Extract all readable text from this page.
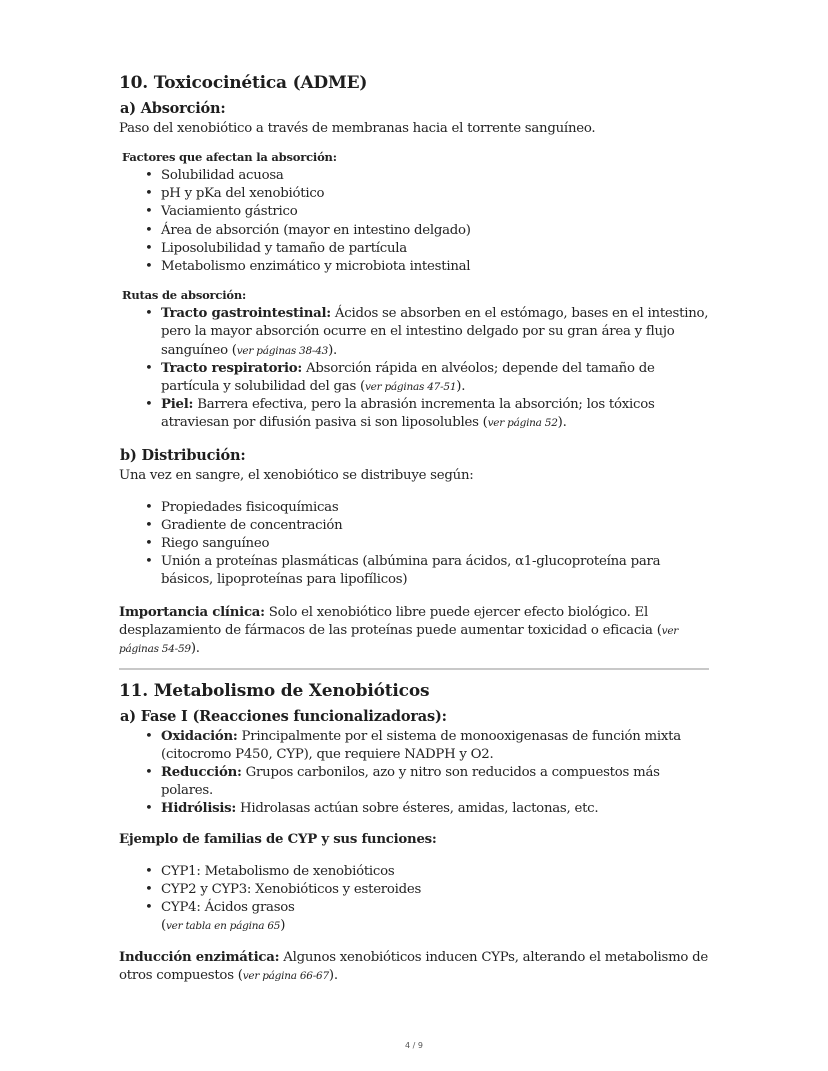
10. Toxicocinética (ADME)
a) Absorción:

Paso del xenobiótico a través de membranas hacia el torrente sanguíneo.

Factores que afectan la absorción:
• Solubilidad acuosa
• pH y pKa del xenobiótico
• Vaciamiento gástrico
• Área de absorción (mayor en intestino delgado)
• Liposolubilidad y tamaño de partícula
• Metabolismo enzimático y microbiota intestinal
Rutas de absorción:
• Tracto gastrointestinal: Ácidos se absorben en el estómago, bases en el intestino, pero la mayor absorción ocurre en el intestino delgado por su gran área y flujo sanguíneo (ver páginas 38-43).
• Tracto respiratorio: Absorción rápida en alvéolos; depende del tamaño de partícula y solubilidad del gas (ver páginas 47-51).
• Piel: Barrera efectiva, pero la abrasión incrementa la absorción; los tóxicos atraviesan por difusión pasiva si son liposolubles (ver página 52).
b) Distribución:

Una vez en sangre, el xenobiótico se distribuye según:

• Propiedades fisicoquímicas
• Gradiente de concentración
• Riego sanguíneo
• Unión a proteínas plasmáticas (albúmina para ácidos, α1-glucoproteína para básicos, lipoproteínas para lipofílicos)

Importancia clínica: Solo el xenobiótico libre puede ejercer efecto biológico. El desplazamiento de fármacos de las proteínas puede aumentar toxicidad o eficacia (ver páginas 54-59).

11. Metabolismo de Xenobióticos
a) Fase I (Reacciones funcionalizadoras):
• Oxidación: Principalmente por el sistema de monooxigenasas de función mixta (citocromo P450, CYP), que requiere NADPH y O2.
• Reducción: Grupos carbonilos, azo y nitro son reducidos a compuestos más polares.
• Hidrólisis: Hidrolasas actúan sobre ésteres, amidas, lactonas, etc.

Ejemplo de familias de CYP y sus funciones:

• CYP1: Metabolismo de xenobióticos
• CYP2 y CYP3: Xenobióticos y esteroides
• CYP4: Ácidos grasos
(ver tabla en página 65)

Inducción enzimática: Algunos xenobióticos inducen CYPs, alterando el metabolismo de otros compuestos (ver página 66-67).

4 / 9
